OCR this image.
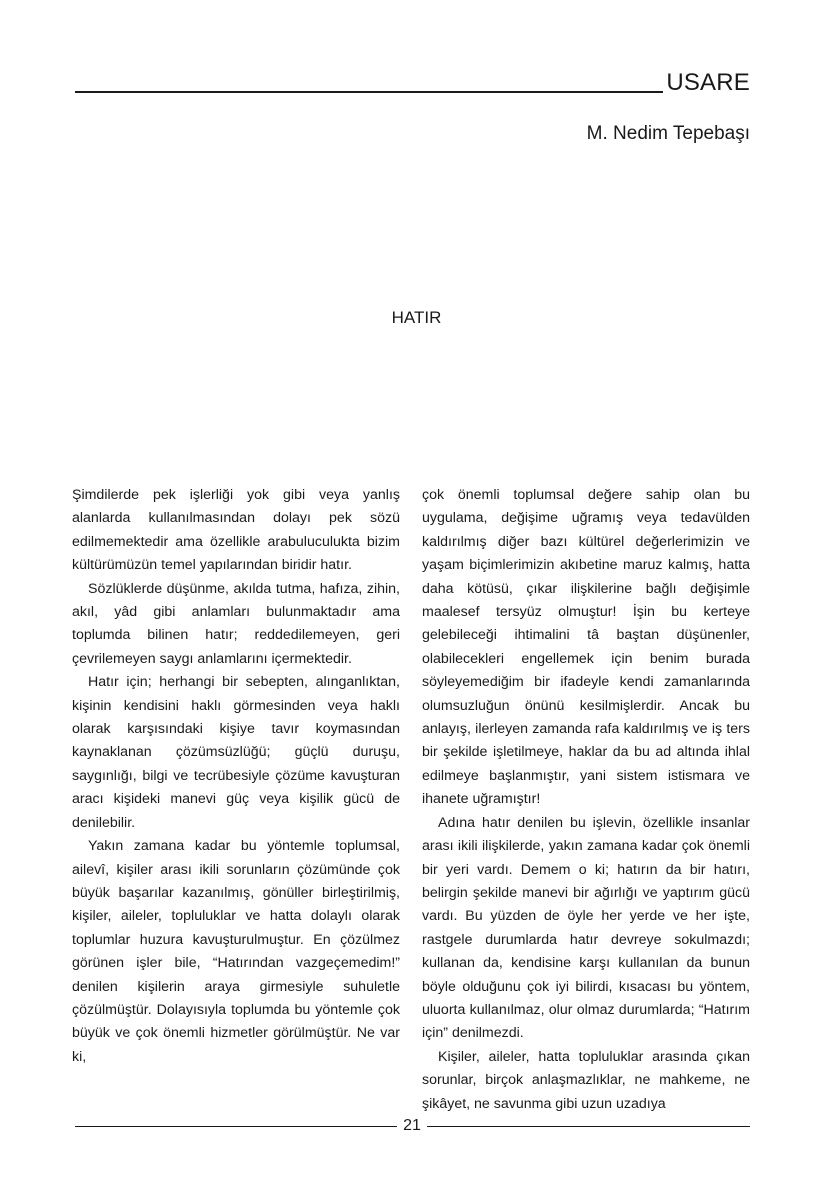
USARE
M. Nedim Tepebaşı
HATIR

Şimdilerde pek işlerliği yok gibi veya yanlış alanlarda kullanılmasından dolayı pek sözü edilmemektedir ama özellikle arabuluculukta bizim kültürümüzün temel yapılarından biridir hatır.

Sözlüklerde düşünme, akılda tutma, hafıza, zihin, akıl, yâd gibi anlamları bulunmaktadır ama toplumda bilinen hatır; reddedilemeyen, geri çevrilemeyen saygı anlamlarını içermektedir.

Hatır için; herhangi bir sebepten, alınganlıktan, kişinin kendisini haklı görmesinden veya haklı olarak karşısındaki kişiye tavır koymasından kaynaklanan çözümsüzlüğü; güçlü duruşu, saygınlığı, bilgi ve tecrübesiyle çözüme kavuşturan aracı kişideki manevi güç veya kişilik gücü de denilebilir.

Yakın zamana kadar bu yöntemle toplumsal, ailevî, kişiler arası ikili sorunların çözümünde çok büyük başarılar kazanılmış, gönüller birleştirilmiş, kişiler, aileler, topluluklar ve hatta dolaylı olarak toplumlar huzura kavuşturulmuştur. En çözülmez görünen işler bile, “Hatırından vazgeçemedim!” denilen kişilerin araya girmesiyle suhuletle çözülmüştür. Dolayısıyla toplumda bu yöntemle çok büyük ve çok önemli hizmetler görülmüştür. Ne var ki,

çok önemli toplumsal değere sahip olan bu uygulama, değişime uğramış veya tedavülden kaldırılmış diğer bazı kültürel değerlerimizin ve yaşam biçimlerimizin akıbetine maruz kalmış, hatta daha kötüsü, çıkar ilişkilerine bağlı değişimle maalesef tersyüz olmuştur! İşin bu kerteye gelebileceği ihtimalini tâ baştan düşünenler, olabilecekleri engellemek için benim burada söyleyemediğim bir ifadeyle kendi zamanlarında olumsuzluğun önünü kesilmişlerdir. Ancak bu anlayış, ilerleyen zamanda rafa kaldırılmış ve iş ters bir şekilde işletilmeye, haklar da bu ad altında ihlal edilmeye başlanmıştır, yani sistem istismara ve ihanete uğramıştır!

Adına hatır denilen bu işlevin, özellikle insanlar arası ikili ilişkilerde, yakın zamana kadar çok önemli bir yeri vardı. Demem o ki; hatırın da bir hatırı, belirgin şekilde manevi bir ağırlığı ve yaptırım gücü vardı. Bu yüzden de öyle her yerde ve her işte, rastgele durumlarda hatır devreye sokulmazdı; kullanan da, kendisine karşı kullanılan da bunun böyle olduğunu çok iyi bilirdi, kısacası bu yöntem, uluorta kullanılmaz, olur olmaz durumlarda; “Hatırım için” denilmezdi.

Kişiler, aileler, hatta topluluklar arasında çıkan sorunlar, birçok anlaşmazlıklar, ne mahkeme, ne şikâyet, ne savunma gibi uzun uzadıya

21
